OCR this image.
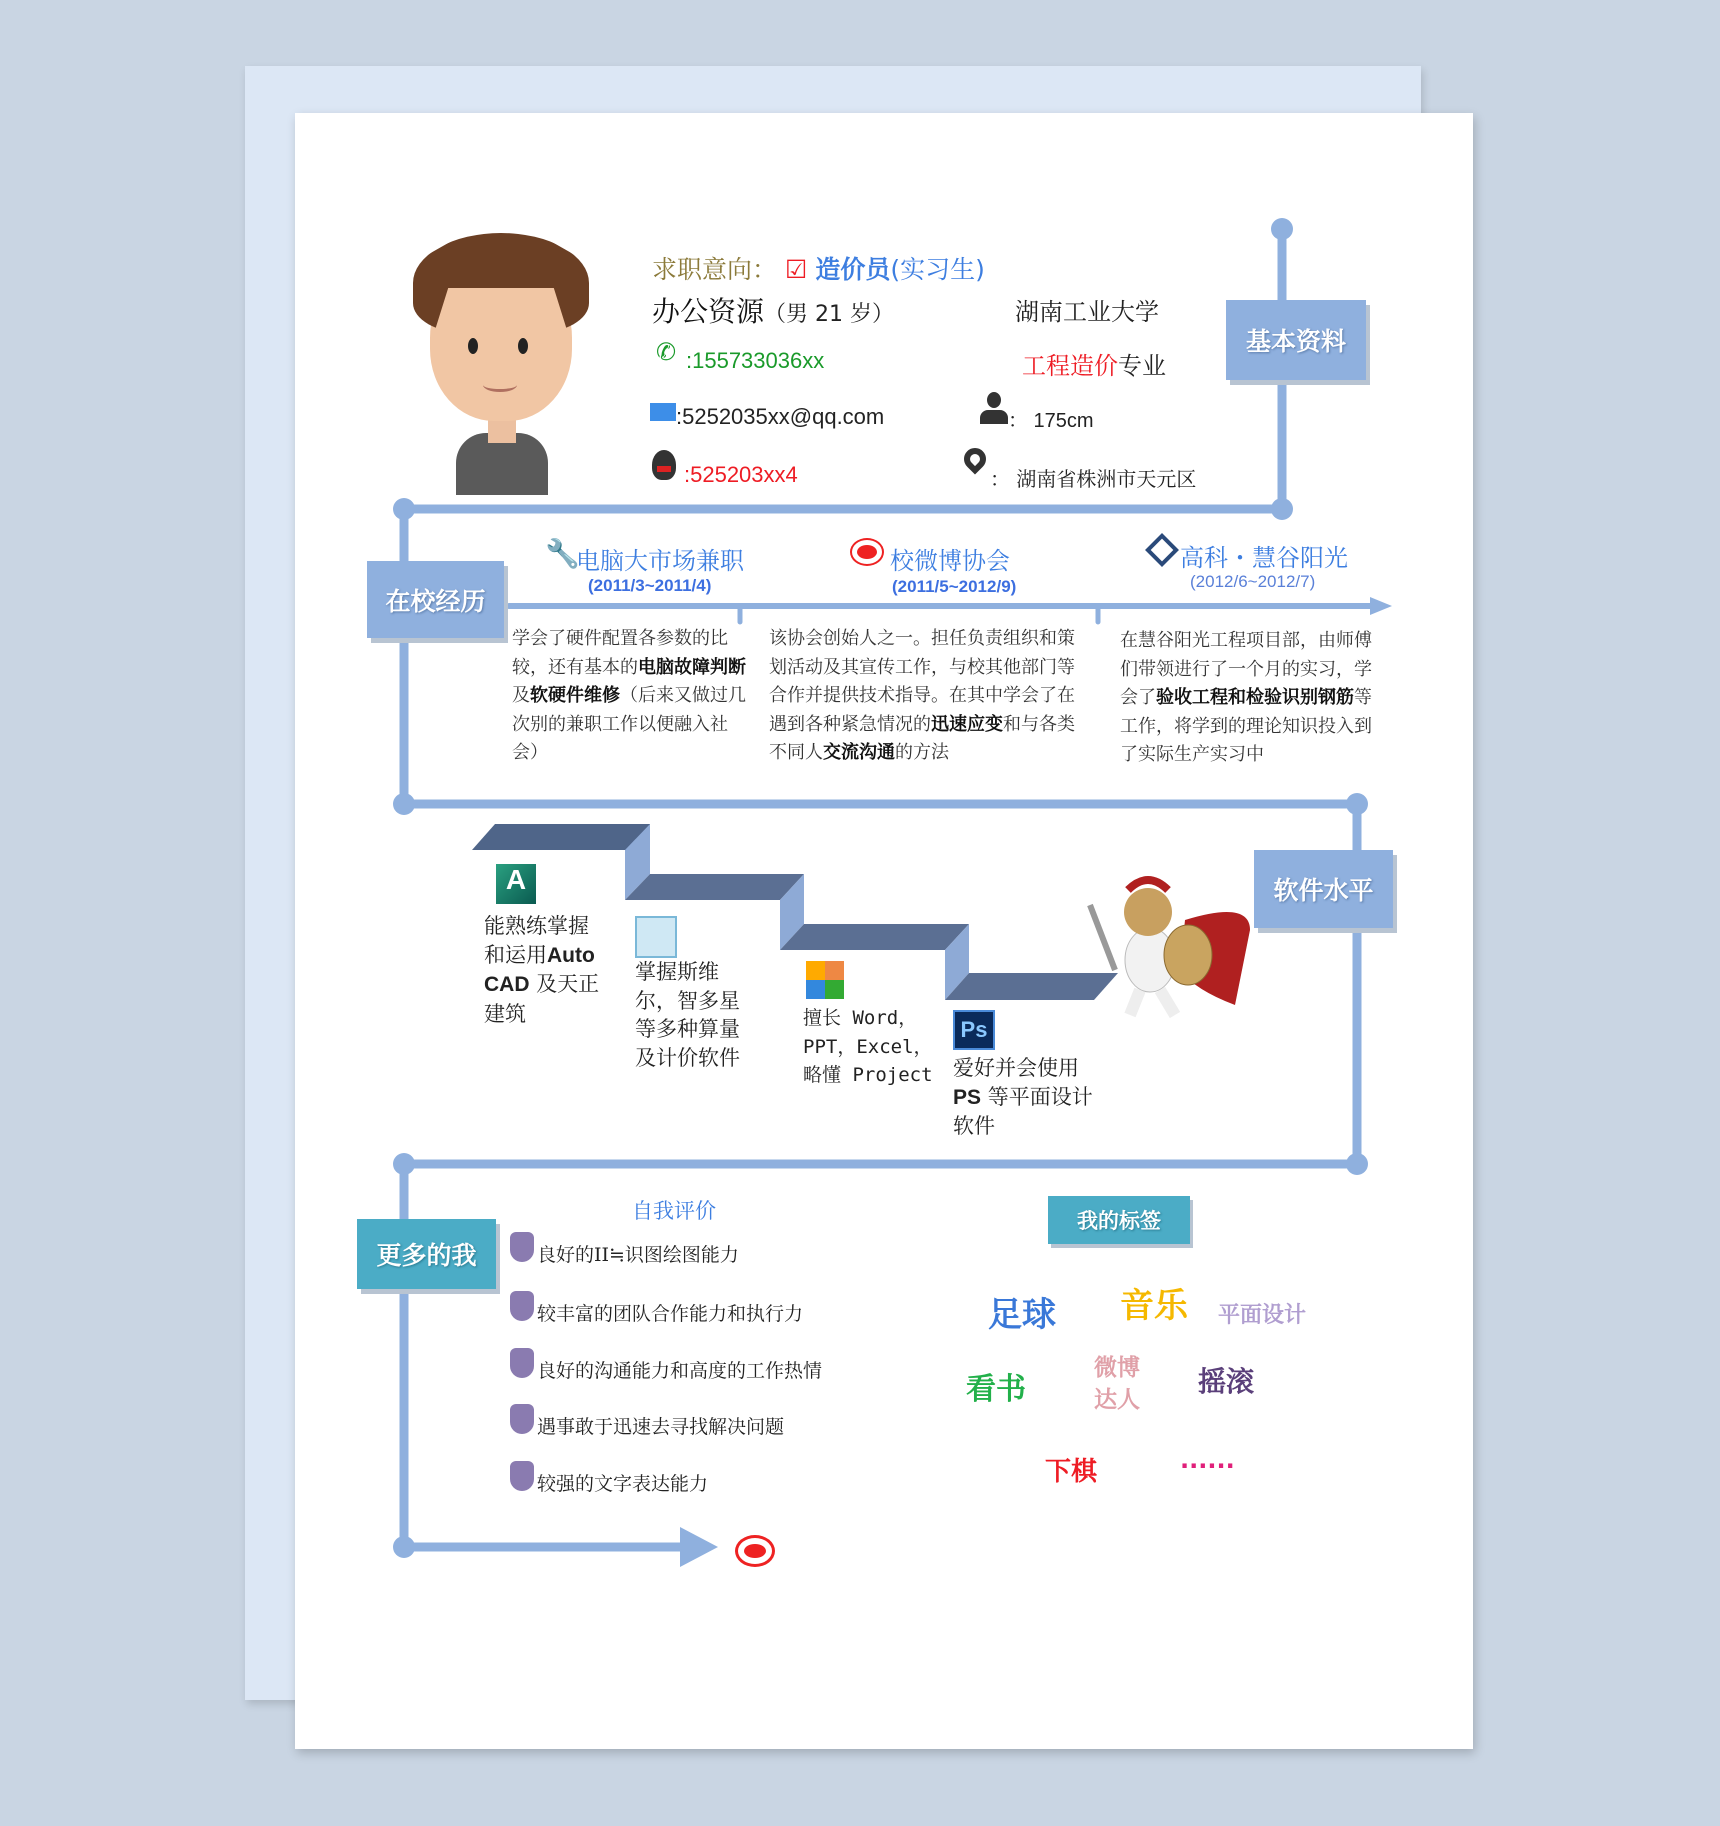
求职意向： ☑ 造价员(实习生)
办公资源（男 21 岁）	湖南工业大学
✆ :155733036xx	工程造价专业
:5252035xx@qq.com	： 175cm
:525203xx4	： 湖南省株洲市天元区
基本资料
在校经历
软件水平
更多的我
🔧
电脑大市场兼职
(2011/3~2011/4)
校微博协会
(2011/5~2012/9)
高科・慧谷阳光
(2012/6~2012/7)
学会了硬件配置各参数的比较，还有基本的电脑故障判断及软硬件维修（后来又做过几次别的兼职工作以便融入社会）
该协会创始人之一。担任负责组织和策划活动及其宣传工作，与校其他部门等合作并提供技术指导。在其中学会了在遇到各种紧急情况的迅速应变和与各类不同人交流沟通的方法
在慧谷阳光工程项目部，由师傅们带领进行了一个月的实习，学会了验收工程和检验识别钢筋等工作，将学到的理论知识投入到了实际生产实习中
A
能熟练掌握和运用Auto CAD 及天正建筑
掌握斯维尔，智多星等多种算量及计价软件
擅长 Word，PPT，Excel，略懂 Project
Ps
爱好并会使用PS 等平面设计软件
自我评价
良好的II≒识图绘图能力
较丰富的团队合作能力和执行力
良好的沟通能力和高度的工作热情
遇事敢于迅速去寻找解决问题
较强的文字表达能力
我的标签
足球 音乐 平面设计
看书
微博
达人
摇滚
下棋	......
